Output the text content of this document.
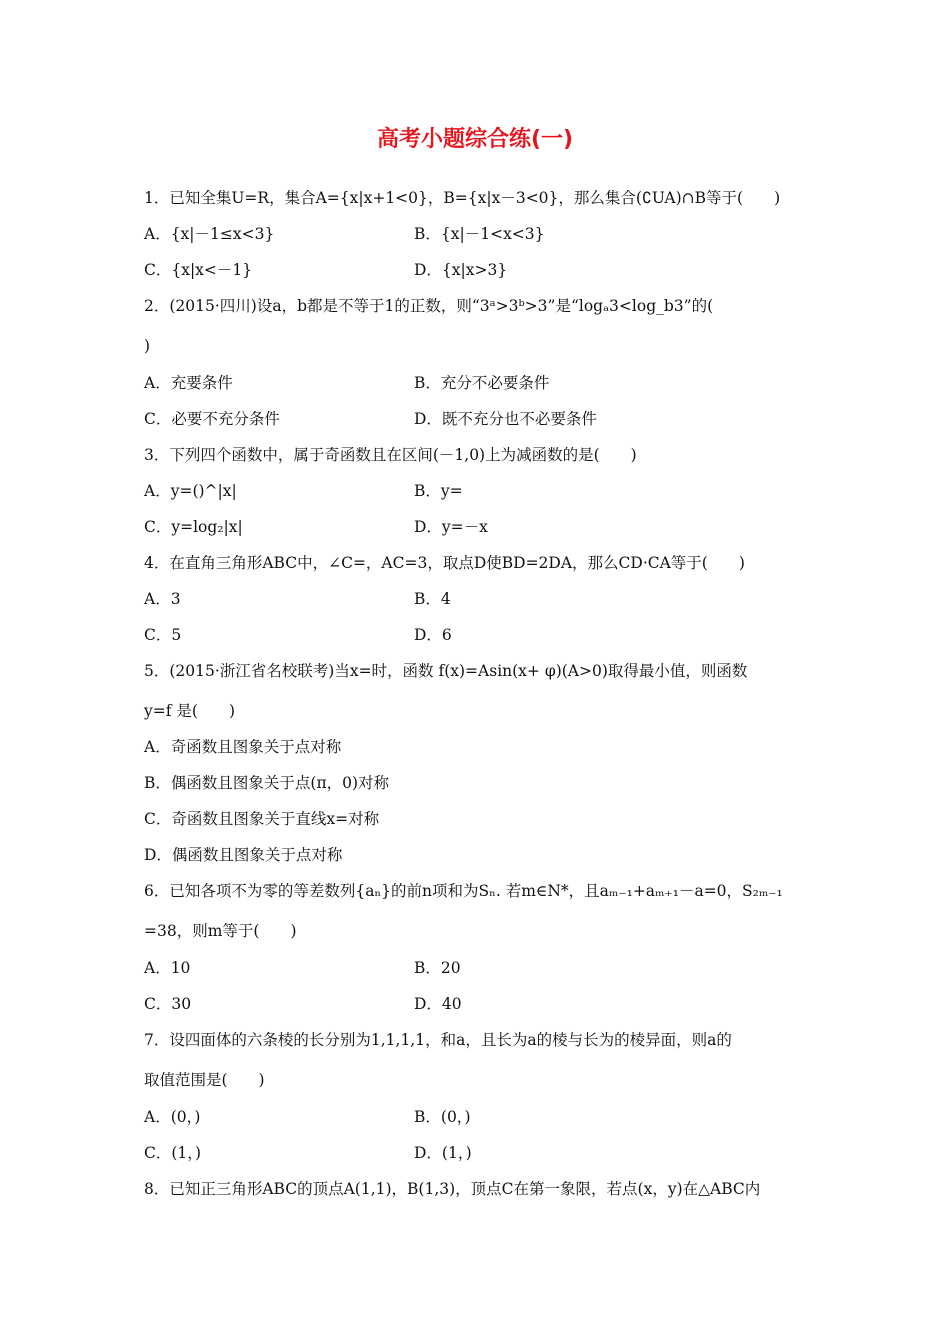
高考小题综合练(一)
1．已知全集U=R，集合A={x|x+1<0}，B={x|x－3<0}，那么集合(∁UA)∩B等于(　　)
A．{x|－1≤x<3}	B．{x|－1<x<3}
C．{x|x<－1}	D．{x|x>3}
2．(2015·四川)设a，b都是不等于1的正数，则“3ᵃ>3ᵇ>3”是“logₐ3<log_b3”的(
)
A．充要条件	B．充分不必要条件
C．必要不充分条件	D．既不充分也不必要条件
3．下列四个函数中，属于奇函数且在区间(－1,0)上为减函数的是(　　)
A．y=()^|x|	B．y=
C．y=log₂|x|	D．y=－x
4．在直角三角形ABC中，∠C=，AC=3，取点D使BD=2DA，那么CD·CA等于(　　)
A．3	B．4
C．5	D．6
5．(2015·浙江省名校联考)当x=时，函数 f(x)=Asin(x+ φ)(A>0)取得最小值，则函数
y=f 是(　　)
A．奇函数且图象关于点对称
B．偶函数且图象关于点(π，0)对称
C．奇函数且图象关于直线x=对称
D．偶函数且图象关于点对称
6．已知各项不为零的等差数列{aₙ}的前n项和为Sₙ. 若m∈N*，且aₘ₋₁+aₘ₊₁－a=0，S₂ₘ₋₁
=38，则m等于(　　)
A．10	B．20
C．30	D．40
7．设四面体的六条棱的长分别为1,1,1,1，和a，且长为a的棱与长为的棱异面，则a的
取值范围是(　　)
A．(0，)	B．(0，)
C．(1，)	D．(1，)
8．已知正三角形ABC的顶点A(1,1)，B(1,3)，顶点C在第一象限，若点(x，y)在△ABC内
